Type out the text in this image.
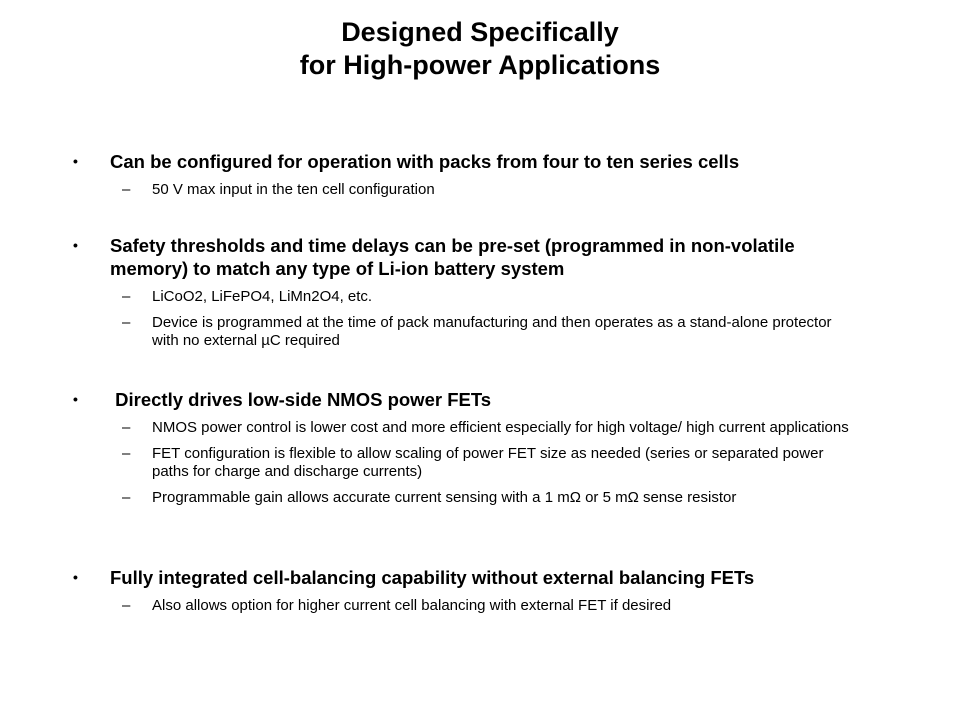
Designed Specifically
for High-power Applications
• Can be configured for operation with packs from four to ten series cells
– 50 V max input in the ten cell configuration
• Safety thresholds and time delays can be pre-set (programmed in non-volatile memory) to match any type of Li-ion battery system
– LiCoO2, LiFePO4, LiMn2O4, etc.
– Device is programmed at the time of pack manufacturing and then operates as a stand-alone protector with no external µC required
• Directly drives low-side NMOS power FETs
– NMOS power control is lower cost and more efficient especially for high voltage/ high current applications
– FET configuration is flexible to allow scaling of power FET size as needed (series or separated power paths for charge and discharge currents)
– Programmable gain allows accurate current sensing with a 1 mΩ or 5 mΩ sense resistor
• Fully integrated cell-balancing capability without external balancing FETs
– Also allows option for higher current cell balancing with external FET if desired
